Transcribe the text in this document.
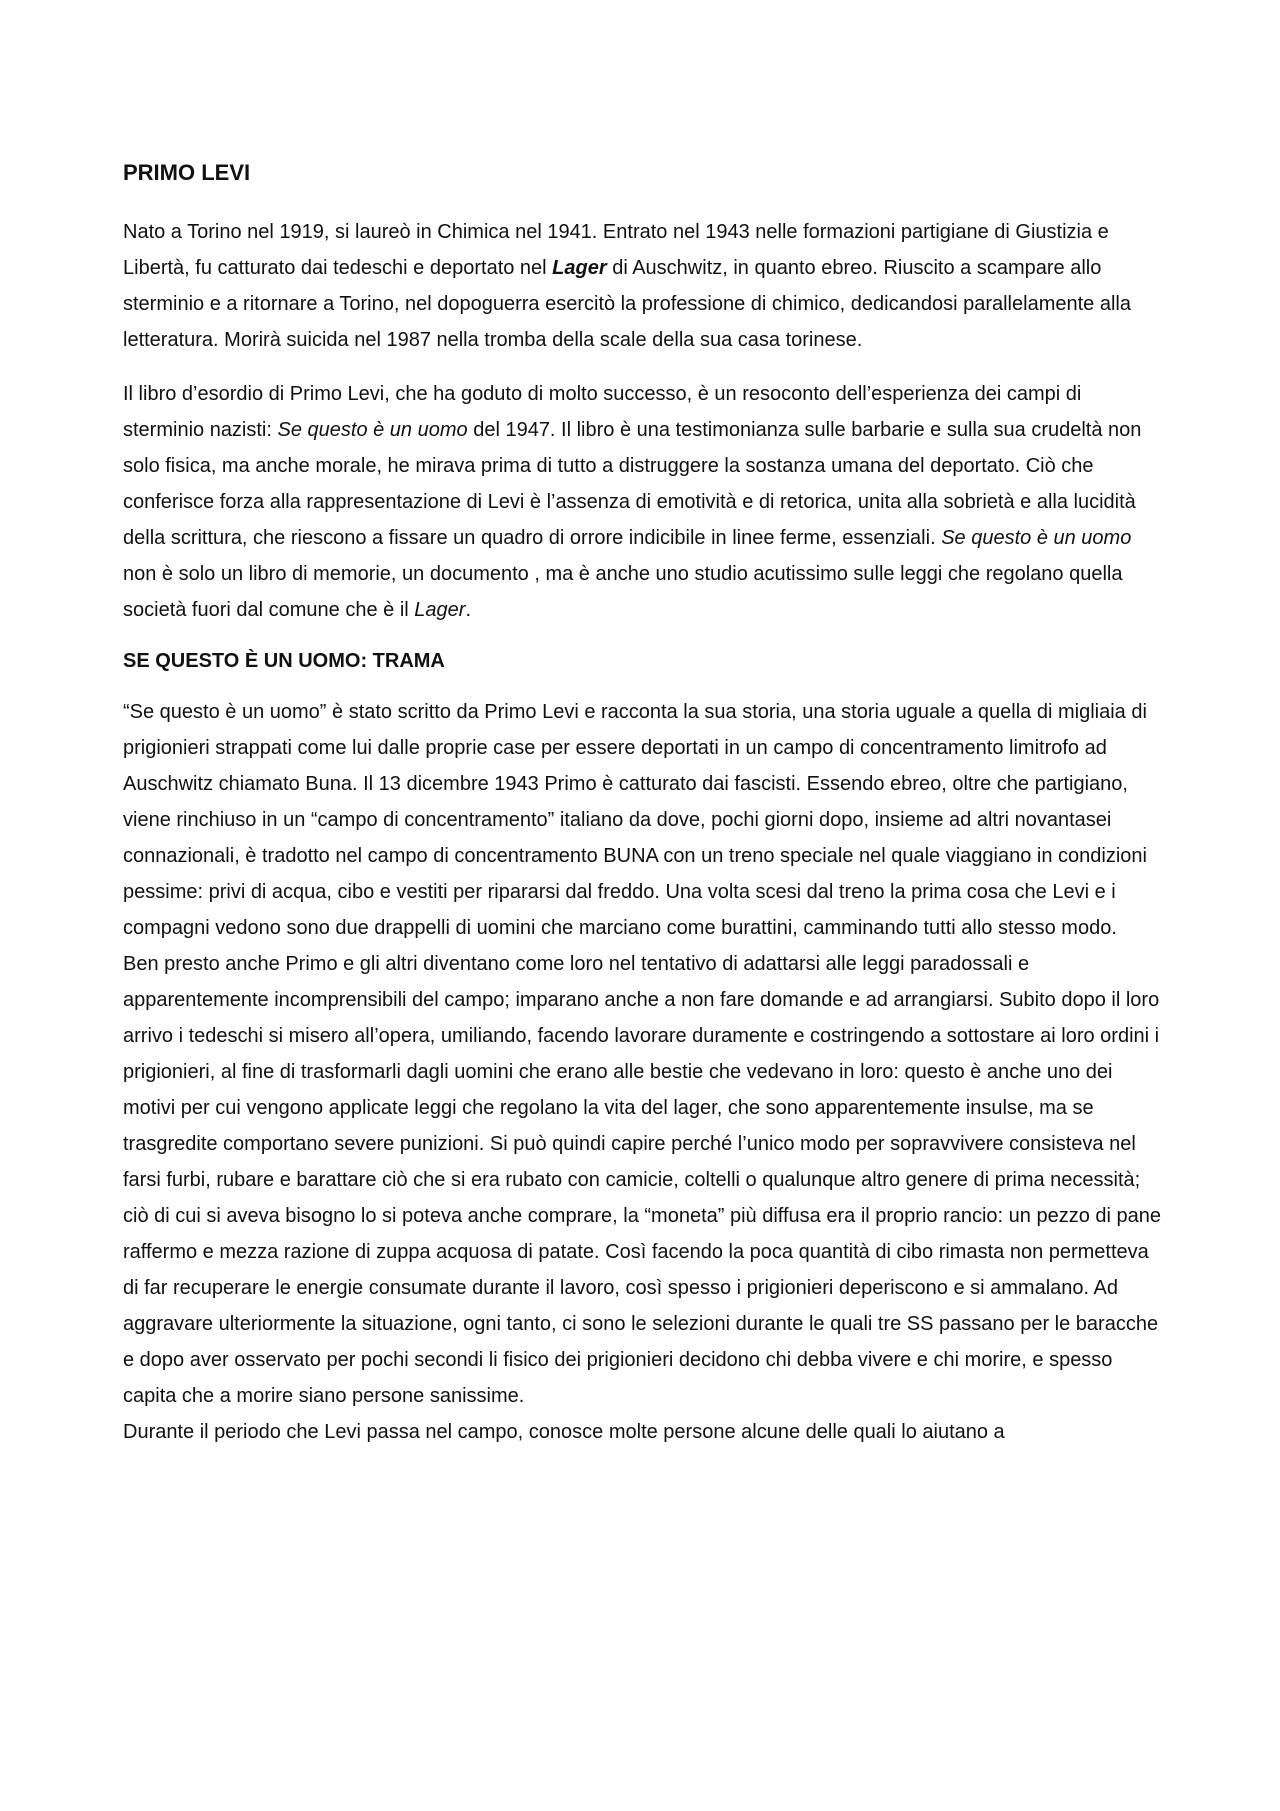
PRIMO LEVI

Nato a Torino nel 1919, si laureò in Chimica nel 1941. Entrato nel 1943 nelle formazioni partigiane di Giustizia e Libertà, fu catturato dai tedeschi e deportato nel Lager di Auschwitz, in quanto ebreo. Riuscito a scampare allo sterminio e a ritornare a Torino, nel dopoguerra esercitò la professione di chimico, dedicandosi parallelamente alla letteratura. Morirà suicida nel 1987 nella tromba della scale della sua casa torinese.

Il libro d’esordio di Primo Levi, che ha goduto di molto successo, è un resoconto dell’esperienza dei campi di sterminio nazisti: Se questo è un uomo del 1947. Il libro è una testimonianza sulle barbarie e sulla sua crudeltà non solo fisica, ma anche morale, he mirava prima di tutto a distruggere la sostanza umana del deportato. Ciò che conferisce forza alla rappresentazione di Levi è l’assenza di emotività e di retorica, unita alla sobrietà e alla lucidità della scrittura, che riescono a fissare un quadro di orrore indicibile in linee ferme, essenziali. Se questo è un uomo non è solo un libro di memorie, un documento , ma è anche uno studio acutissimo sulle leggi che regolano quella società fuori dal comune che è il Lager.

SE QUESTO È UN UOMO: TRAMA

“Se questo è un uomo” è stato scritto da Primo Levi e racconta la sua storia, una storia uguale a quella di migliaia di prigionieri strappati come lui dalle proprie case per essere deportati in un campo di concentramento limitrofo ad Auschwitz chiamato Buna. Il 13 dicembre 1943 Primo è catturato dai fascisti. Essendo ebreo, oltre che partigiano, viene rinchiuso in un “campo di concentramento” italiano da dove, pochi giorni dopo, insieme ad altri novantasei connazionali, è tradotto nel campo di concentramento BUNA con un treno speciale nel quale viaggiano in condizioni pessime: privi di acqua, cibo e vestiti per ripararsi dal freddo. Una volta scesi dal treno la prima cosa che Levi e i compagni vedono sono due drappelli di uomini che marciano come burattini, camminando tutti allo stesso modo.

Ben presto anche Primo e gli altri diventano come loro nel tentativo di adattarsi alle leggi paradossali e apparentemente incomprensibili del campo; imparano anche a non fare domande e ad arrangiarsi. Subito dopo il loro arrivo i tedeschi si misero all’opera, umiliando, facendo lavorare duramente e costringendo a sottostare ai loro ordini i prigionieri, al fine di trasformarli dagli uomini che erano alle bestie che vedevano in loro: questo è anche uno dei motivi per cui vengono applicate leggi che regolano la vita del lager, che sono apparentemente insulse, ma se trasgredite comportano severe punizioni. Si può quindi capire perché l’unico modo per sopravvivere consisteva nel farsi furbi, rubare e barattare ciò che si era rubato con camicie, coltelli o qualunque altro genere di prima necessità; ciò di cui si aveva bisogno lo si poteva anche comprare, la “moneta” più diffusa era il proprio rancio: un pezzo di pane raffermo e mezza razione di zuppa acquosa di patate. Così facendo la poca quantità di cibo rimasta non permetteva di far recuperare le energie consumate durante il lavoro, così spesso i prigionieri deperiscono e si ammalano. Ad aggravare ulteriormente la situazione, ogni tanto, ci sono le selezioni durante le quali tre SS passano per le baracche e dopo aver osservato per pochi secondi li fisico dei prigionieri decidono chi debba vivere e chi morire, e spesso capita che a morire siano persone sanissime.

Durante il periodo che Levi passa nel campo, conosce molte persone alcune delle quali lo aiutano a
